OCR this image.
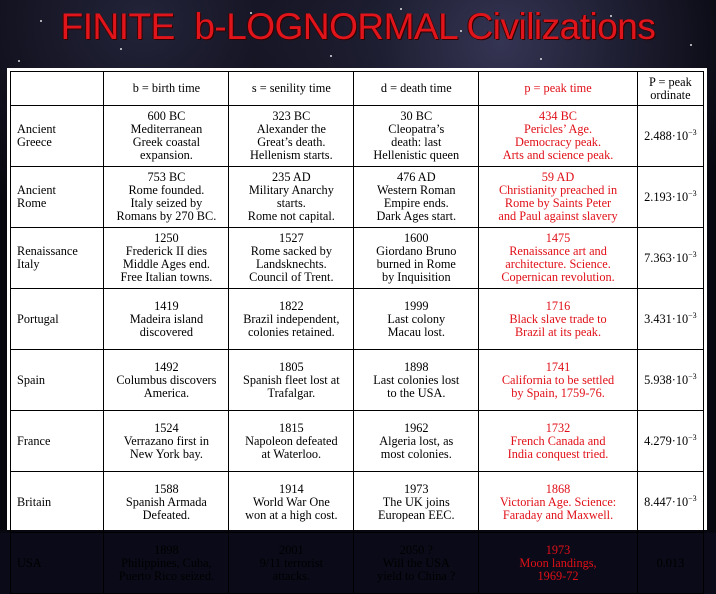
FINITE  b-LOGNORMAL Civilizations
	b = birth time	s = senility time	d = death time	p = peak time	P = peak
ordinate
Ancient
Greece	600 BC
Mediterranean
Greek coastal
expansion.	323 BC
Alexander the
Great’s death.
Hellenism starts.	30 BC
Cleopatra’s
death: last
Hellenistic queen	434 BC
Pericles’ Age.
Democracy peak.
Arts and science peak.	$2.488\cdot 10^{-3}$
Ancient
Rome	753 BC
Rome founded.
Italy seized by
Romans by 270 BC.	235 AD
Military Anarchy
starts.
Rome not capital.	476 AD
Western Roman
Empire ends.
Dark Ages start.	59 AD
Christianity preached in
Rome by Saints Peter
and Paul against slavery	$2.193\cdot 10^{-3}$
Renaissance
Italy	1250
Frederick II dies
Middle Ages end.
Free Italian towns.	1527
Rome sacked by
Landsknechts.
Council of Trent.	1600
Giordano Bruno
burned in Rome
by Inquisition	1475
Renaissance art and
architecture. Science.
Copernican revolution.	$7.363\cdot 10^{-3}$
Portugal	1419
Madeira island
discovered	1822
Brazil independent,
colonies retained.	1999
Last colony
Macau lost.	1716
Black slave trade to
Brazil at its peak.	$3.431\cdot 10^{-3}$
Spain	1492
Columbus discovers
America.	1805
Spanish fleet lost at
Trafalgar.	1898
Last colonies lost
to the USA.	1741
California to be settled
by Spain, 1759-76.	$5.938\cdot 10^{-3}$
France	1524
Verrazano first in
New York bay.	1815
Napoleon defeated
at Waterloo.	1962
Algeria lost, as
most colonies.	1732
French Canada and
India conquest tried.	$4.279\cdot 10^{-3}$
Britain	1588
Spanish Armada
Defeated.	1914
World War One
won at a high cost.	1973
The UK joins
European EEC.	1868
Victorian Age. Science:
Faraday and Maxwell.	$8.447\cdot 10^{-3}$
USA	1898
Philippines, Cuba,
Puerto Rico seized.	2001
9/11 terrorist
attacks.	2050 ?
Will the USA
yield to China ?	1973
Moon landings,
1969-72	0.013
